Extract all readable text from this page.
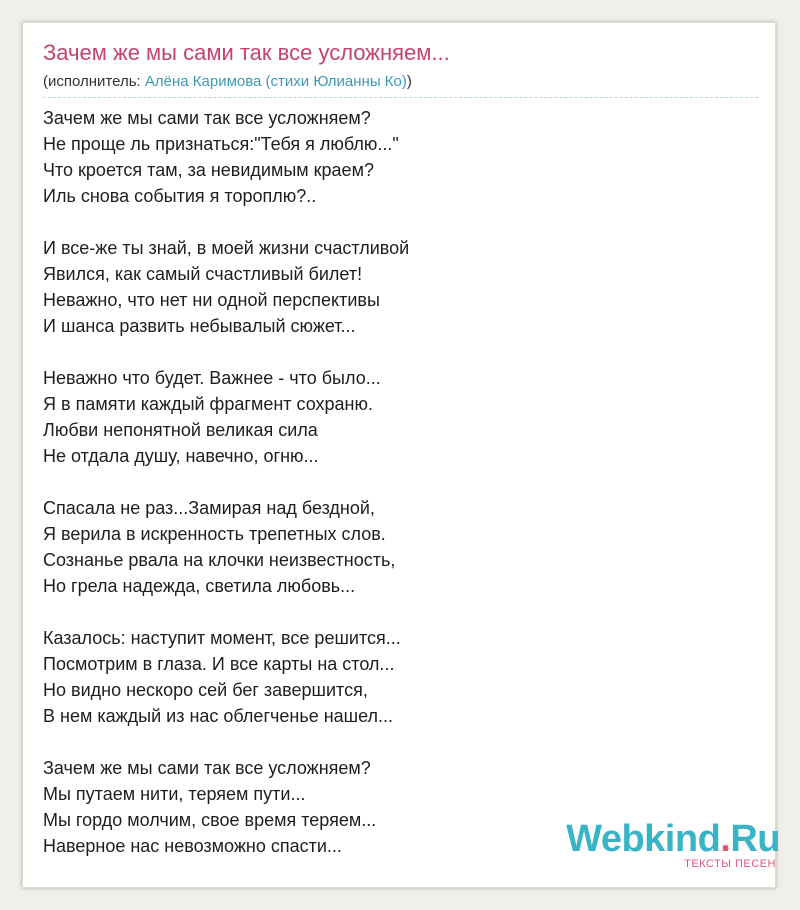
Зачем же мы сами так все усложняем...
(исполнитель: Алёна Каримова (стихи Юлианны Ко))
Зачем же мы сами так все усложняем?
Не проще ль признаться:"Тебя я люблю..."
Что кроется там, за невидимым краем?
Иль снова события я тороплю?..
И все-же ты знай, в моей жизни счастливой
Явился, как самый счастливый билет!
Неважно, что нет ни одной перспективы
И шанса развить небывалый сюжет...
Неважно что будет. Важнее - что было...
Я в памяти каждый фрагмент сохраню.
Любви непонятной великая сила
Не отдала душу, навечно, огню...
Спасала не раз...Замирая над бездной,
Я верила в искренность трепетных слов.
Сознанье рвала на клочки неизвестность,
Но грела надежда, светила любовь...
Казалось: наступит момент, все решится...
Посмотрим в глаза. И все карты на стол...
Но видно нескоро сей бег завершится,
В нем каждый из нас облегченье нашел...
Зачем же мы сами так все усложняем?
Мы путаем нити, теряем пути...
Мы гордо молчим, свое время теряем...
Наверное нас невозможно спасти...	Webkind.Ru
ТЕКСТЫ ПЕСЕН
